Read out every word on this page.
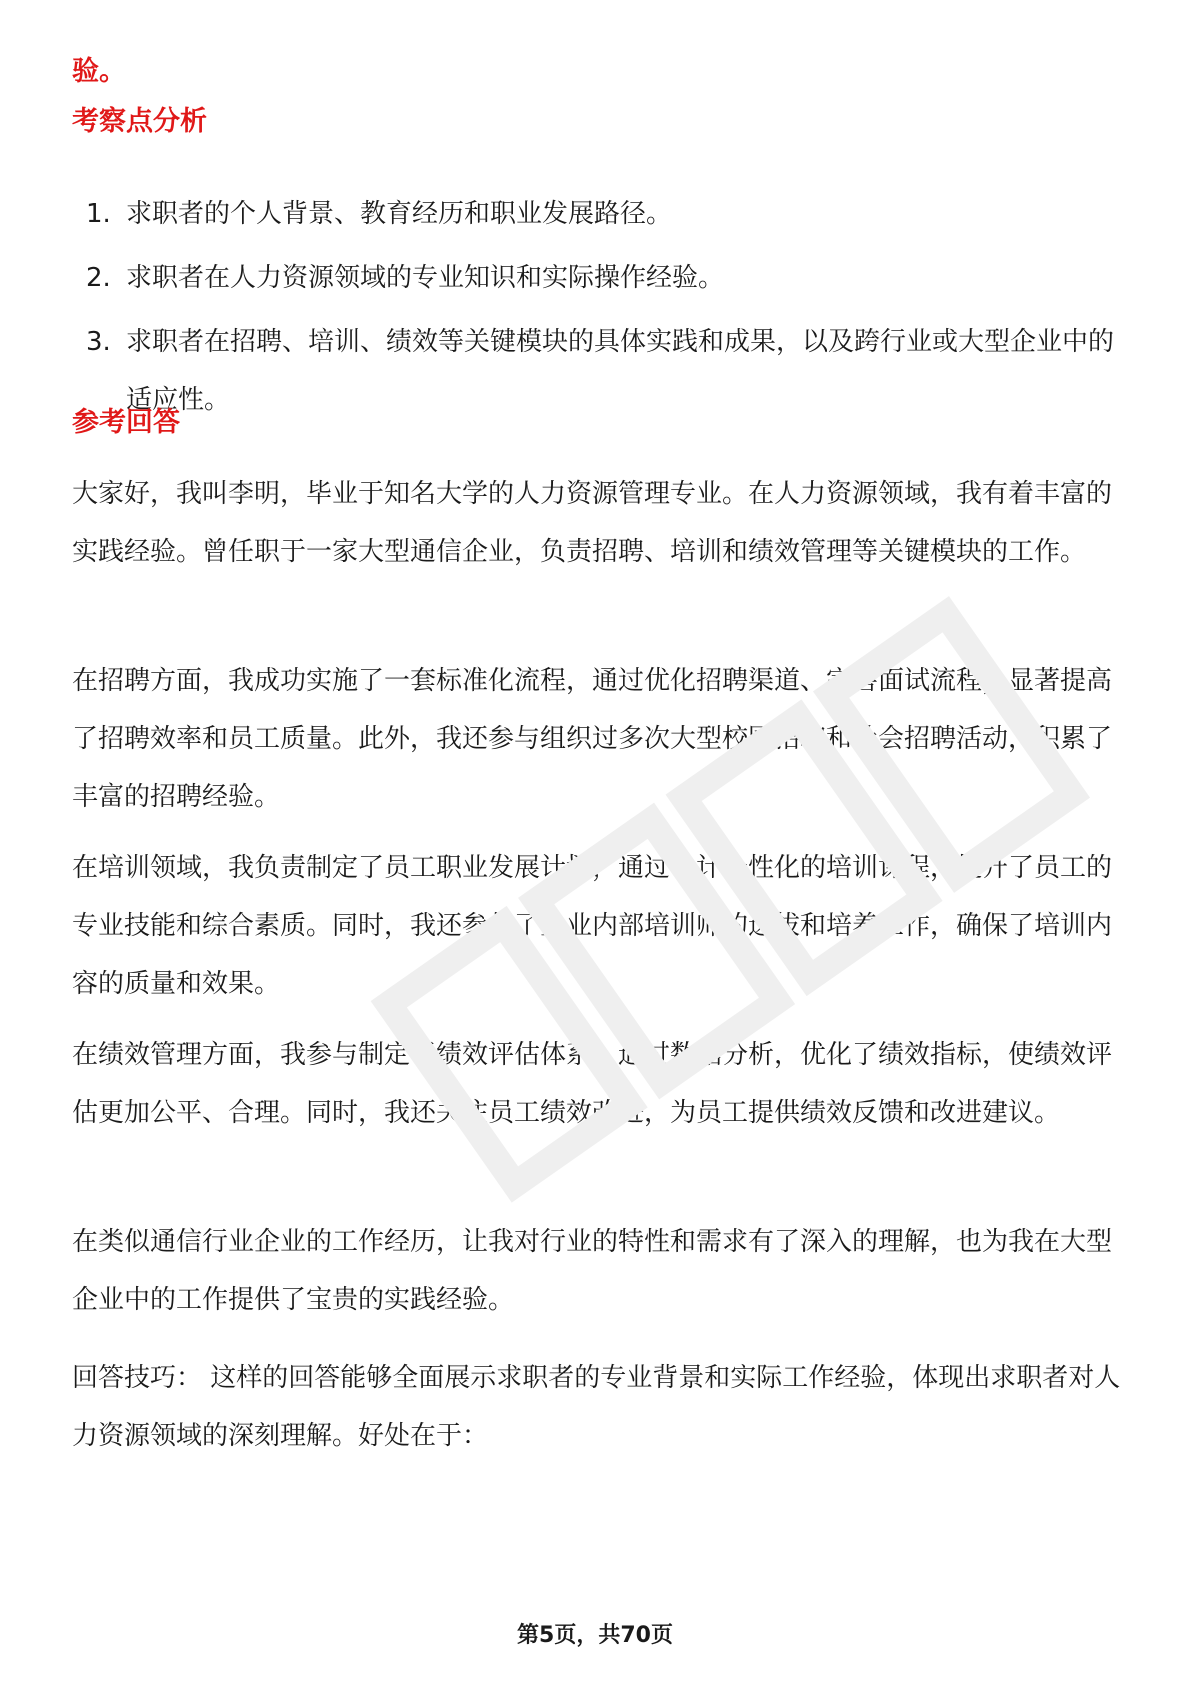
验。
考察点分析
1. 求职者的个人背景、教育经历和职业发展路径。
2. 求职者在人力资源领域的专业知识和实际操作经验。
3. 求职者在招聘、培训、绩效等关键模块的具体实践和成果，以及跨行业或大型企业中的适应性。
参考回答

大家好，我叫李明，毕业于知名大学的人力资源管理专业。在人力资源领域，我有着丰富的实践经验。曾任职于一家大型通信企业，负责招聘、培训和绩效管理等关键模块的工作。

在招聘方面，我成功实施了一套标准化流程，通过优化招聘渠道、完善面试流程，显著提高了招聘效率和员工质量。此外，我还参与组织过多次大型校园招聘和社会招聘活动，积累了丰富的招聘经验。

在培训领域，我负责制定了员工职业发展计划，通过设计个性化的培训课程，提升了员工的专业技能和综合素质。同时，我还参与了企业内部培训师的选拔和培养工作，确保了培训内容的质量和效果。

在绩效管理方面，我参与制定了绩效评估体系，通过数据分析，优化了绩效指标，使绩效评估更加公平、合理。同时，我还关注员工绩效改进，为员工提供绩效反馈和改进建议。

在类似通信行业企业的工作经历，让我对行业的特性和需求有了深入的理解，也为我在大型企业中的工作提供了宝贵的实践经验。

回答技巧： 这样的回答能够全面展示求职者的专业背景和实际工作经验，体现出求职者对人力资源领域的深刻理解。好处在于：

第5页，共70页
